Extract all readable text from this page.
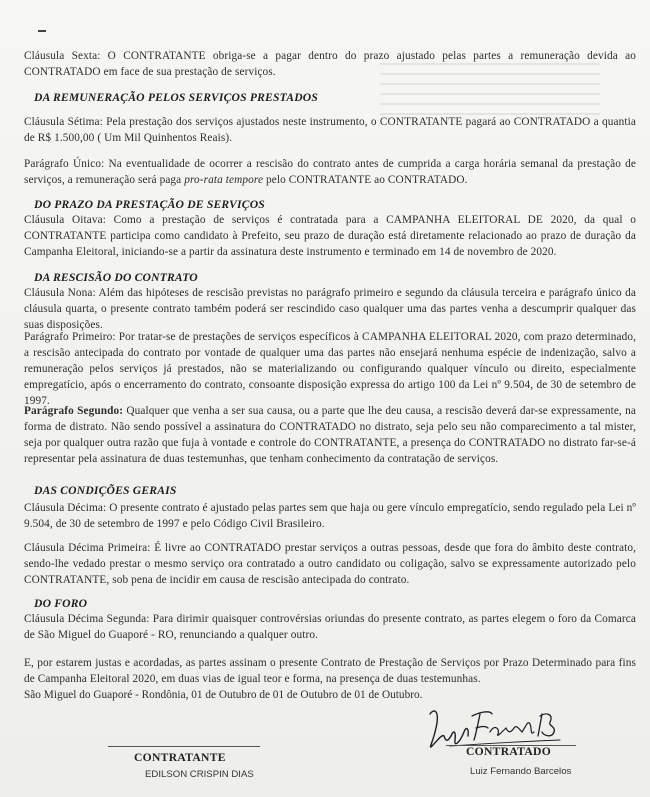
Cláusula Sexta: O CONTRATANTE obriga-se a pagar dentro do prazo ajustado pelas partes a remuneração devida ao CONTRATADO em face de sua prestação de serviços.
DA REMUNERAÇÃO PELOS SERVIÇOS PRESTADOS
Cláusula Sétima: Pela prestação dos serviços ajustados neste instrumento, o CONTRATANTE pagará ao CONTRATADO a quantia de R$ 1.500,00 ( Um Mil Quinhentos Reais).
Parágrafo Único: Na eventualidade de ocorrer a rescisão do contrato antes de cumprida a carga horária semanal da prestação de serviços, a remuneração será paga pro-rata tempore pelo CONTRATANTE ao CONTRATADO.
DO PRAZO DA PRESTAÇÃO DE SERVIÇOS
Cláusula Oitava: Como a prestação de serviços é contratada para a CAMPANHA ELEITORAL DE 2020, da qual o CONTRATANTE participa como candidato à Prefeito, seu prazo de duração está diretamente relacionado ao prazo de duração da Campanha Eleitoral, iniciando-se a partir da assinatura deste instrumento e terminado em 14 de novembro de 2020.
DA RESCISÃO DO CONTRATO
Cláusula Nona: Além das hipóteses de rescisão previstas no parágrafo primeiro e segundo da cláusula terceira e parágrafo único da cláusula quarta, o presente contrato também poderá ser rescindido caso qualquer uma das partes venha a descumprir qualquer das suas disposições.
Parágrafo Primeiro: Por tratar-se de prestações de serviços específicos à CAMPANHA ELEITORAL 2020, com prazo determinado, a rescisão antecipada do contrato por vontade de qualquer uma das partes não ensejará nenhuma espécie de indenização, salvo a remuneração pelos serviços já prestados, não se materializando ou configurando qualquer vínculo ou direito, especialmente empregatício, após o encerramento do contrato, consoante disposição expressa do artigo 100 da Lei nº 9.504, de 30 de setembro de 1997.
Parágrafo Segundo: Qualquer que venha a ser sua causa, ou a parte que lhe deu causa, a rescisão deverá dar-se expressamente, na forma de distrato. Não sendo possível a assinatura do CONTRATADO no distrato, seja pelo seu não comparecimento a tal mister, seja por qualquer outra razão que fuja à vontade e controle do CONTRATANTE, a presença do CONTRATADO no distrato far-se-á representar pela assinatura de duas testemunhas, que tenham conhecimento da contratação de serviços.
DAS CONDIÇÕES GERAIS
Cláusula Décima: O presente contrato é ajustado pelas partes sem que haja ou gere vínculo empregatício, sendo regulado pela Lei nº 9.504, de 30 de setembro de 1997 e pelo Código Civil Brasileiro.
Cláusula Décima Primeira: É livre ao CONTRATADO prestar serviços a outras pessoas, desde que fora do âmbito deste contrato, sendo-lhe vedado prestar o mesmo serviço ora contratado a outro candidato ou coligação, salvo se expressamente autorizado pelo CONTRATANTE, sob pena de incidir em causa de rescisão antecipada do contrato.
DO FORO
Cláusula Décima Segunda: Para dirimir quaisquer controvérsias oriundas do presente contrato, as partes elegem o foro da Comarca de São Miguel do Guaporé - RO, renunciando a qualquer outro.
E, por estarem justas e acordadas, as partes assinam o presente Contrato de Prestação de Serviços por Prazo Determinado para fins de Campanha Eleitoral 2020, em duas vias de igual teor e forma, na presença de duas testemunhas.
São Miguel do Guaporé - Rondônia, 01 de Outubro de 01 de Outubro de 01 de Outubro.
CONTRATANTE
EDILSON CRISPIN DIAS
CONTRATADO
Luiz Fernando Barcelos
